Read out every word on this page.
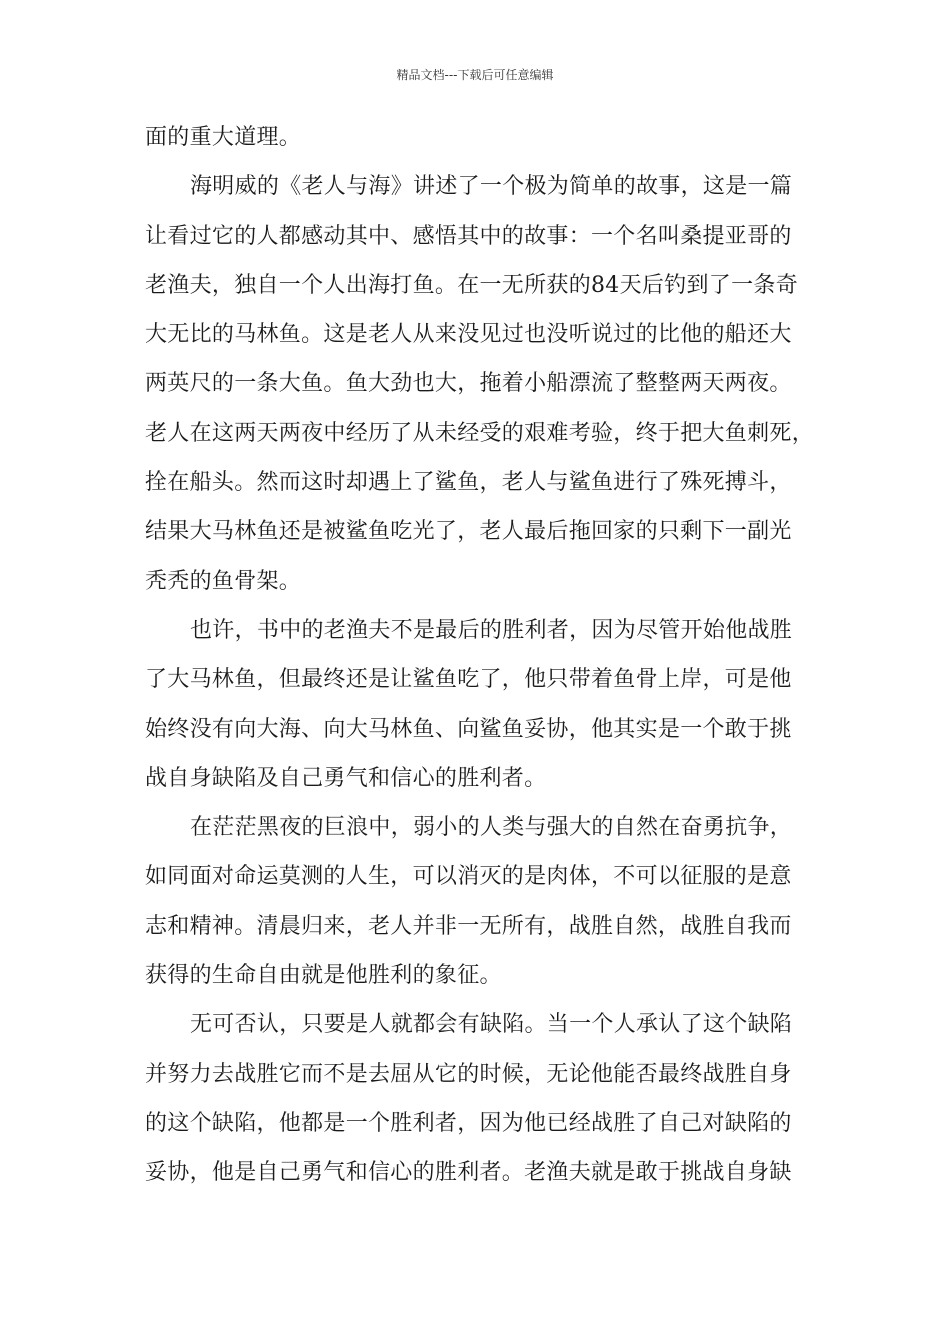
精品文档---下载后可任意编辑
面的重大道理。
海明威的《老人与海》讲述了一个极为简单的故事，这是一篇
让看过它的人都感动其中、感悟其中的故事：一个名叫桑提亚哥的
老渔夫，独自一个人出海打鱼。在一无所获的84天后钓到了一条奇
大无比的马林鱼。这是老人从来没见过也没听说过的比他的船还大
两英尺的一条大鱼。鱼大劲也大，拖着小船漂流了整整两天两夜。
老人在这两天两夜中经历了从未经受的艰难考验，终于把大鱼刺死，
拴在船头。然而这时却遇上了鲨鱼，老人与鲨鱼进行了殊死搏斗，
结果大马林鱼还是被鲨鱼吃光了，老人最后拖回家的只剩下一副光
秃秃的鱼骨架。
也许，书中的老渔夫不是最后的胜利者，因为尽管开始他战胜
了大马林鱼，但最终还是让鲨鱼吃了，他只带着鱼骨上岸，可是他
始终没有向大海、向大马林鱼、向鲨鱼妥协，他其实是一个敢于挑
战自身缺陷及自己勇气和信心的胜利者。
在茫茫黑夜的巨浪中，弱小的人类与强大的自然在奋勇抗争，
如同面对命运莫测的人生，可以消灭的是肉体，不可以征服的是意
志和精神。清晨归来，老人并非一无所有，战胜自然，战胜自我而
获得的生命自由就是他胜利的象征。
无可否认，只要是人就都会有缺陷。当一个人承认了这个缺陷
并努力去战胜它而不是去屈从它的时候，无论他能否最终战胜自身
的这个缺陷，他都是一个胜利者，因为他已经战胜了自己对缺陷的
妥协，他是自己勇气和信心的胜利者。老渔夫就是敢于挑战自身缺
